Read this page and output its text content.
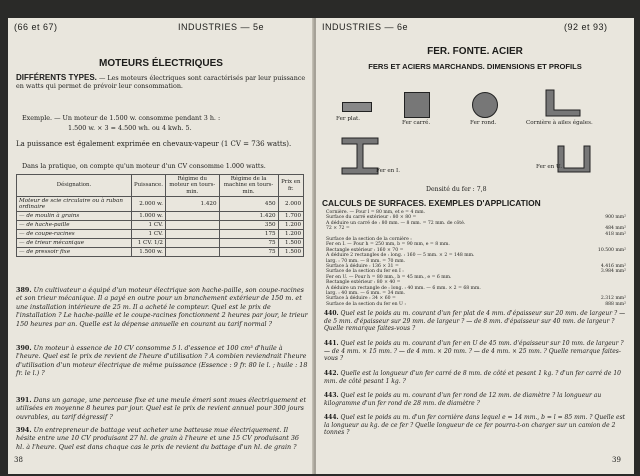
(66 et 67)	INDUSTRIES — 5e
MOTEURS ÉLECTRIQUES
DIFFÉRENTS TYPES. — Les moteurs électriques sont caractérisés par leur puissance en watts qui permet de prévoir leur consommation.
Exemple. — Un moteur de 1.500 w. consomme pendant 3 h. :
1.500 w. × 3 = 4.500 wh. ou 4 kwh. 5.
La puissance est également exprimée en chevaux-vapeur (1 CV = 736 watts).
Dans la pratique, on compte qu'un moteur d'un CV consomme 1.000 watts.
Désignation.	Puissance.	Régime du moteur en tours-min.	Régime de la machine en tours-min.	Prix en fr.
Moteur de scie circulaire ou à ruban ordinaire	2.000 w.	1.420	450	2.000
— de moulin à grains	1.000 w.		1.420	1.700
— de hache-paille	1 CV.		350	1.200
— de coupe-racines	1 CV.		175	1.200
— de trieur mécanique	1 CV. 1/2		75	1.500
— de pressoir fixe	1.500 w.		75	1.500
389. Un cultivateur a équipé d'un moteur électrique son hache-paille, son coupe-racines et son trieur mécanique. Il a payé en outre pour un branchement extérieur de 150 m. et une installation intérieure de 25 m. Il a acheté le compteur. Quel est le prix de l'installation ? Le hache-paille et le coupe-racines fonctionnent 2 heures par jour, le trieur 150 heures par an. Quelle est la dépense annuelle en courant au tarif normal ?
390. Un moteur à essence de 10 CV consomme 5 l. d'essence et 100 cm³ d'huile à l'heure. Quel est le prix de revient de l'heure d'utilisation ? A combien reviendrait l'heure d'utilisation d'un moteur électrique de même puissance (Essence : 9 fr. 80 le l. ; huile : 18 fr. le l.) ?
391. Dans un garage, une perceuse fixe et une meule émeri sont mues électriquement et utilisées en moyenne 8 heures par jour. Quel est le prix de revient annuel pour 300 jours ouvrables, au tarif dégressif ?
394. Un entrepreneur de battage veut acheter une batteuse mue électriquement. Il hésite entre une 10 CV produisant 27 hl. de grain à l'heure et une 15 CV produisant 36 hl. à l'heure. Quel est dans chaque cas le prix de revient du battage d'un hl. de grain ?
38
INDUSTRIES — 6e	(92 et 93)
FER. FONTE. ACIER
FERS ET ACIERS MARCHANDS. DIMENSIONS ET PROFILS
Fer plat.
Fer carré.	Fer rond.	Cornière à ailes égales.
Fer en I.
Fer en U.
Densité du fer : 7,8
CALCULS DE SURFACES. EXEMPLES D'APPLICATION
Cornière. — Pour l = 80 mm, et e = 4 mm.
Surface du carré extérieur : 80 × 80 =	900 mm²
A déduire un carré de : 80 mm. — 8 mm. = 72 mm. de côté.
72 × 72 =	484 mm²
418 mm²
Surface de la section de la cornière :
Fer en I. — Pour h = 250 mm, b = 90 mm, e = 8 mm.
Rectangle extérieur : 160 × 70 =	10.500 mm²
A déduire 2 rectangles de : long. : 160 — 5 mm. × 2 = 148 mm.
larg. : 70 mm. — 8 mm. = 70 mm.
Surface à déduire : 136 × 31 =	4.416 mm²
Surface de la section du fer en I :	3.984 mm²
Fer en U. — Pour h = 80 mm., b = 45 mm., e = 6 mm.
Rectangle extérieur : 80 × 40 =
A déduire un rectangle de : long. : 40 mm. — 6 mm. × 2 = 68 mm.
larg. : 40 mm. — 6 mm. = 34 mm.
Surface à déduire : 34 × 60 =	2.312 mm²
Surface de la section du fer en U :	888 mm²
440. Quel est le poids au m. courant d'un fer plat de 4 mm. d'épaisseur sur 20 mm. de largeur ? — de 5 mm. d'épaisseur sur 29 mm. de largeur ? — de 8 mm. d'épaisseur sur 40 mm. de largeur ? Quelle remarque faites-vous ?
441. Quel est le poids au m. courant d'un fer en U de 45 mm. d'épaisseur sur 10 mm. de largeur ? — de 4 mm. × 15 mm. ? — de 4 mm. × 20 mm. ? — de 4 mm. × 25 mm. ? Quelle remarque faites-vous ?
442. Quelle est la longueur d'un fer carré de 8 mm. de côté et pesant 1 kg. ? d'un fer carré de 10 mm. de côté pesant 1 kg. ?
443. Quel est le poids au m. courant d'un fer rond de 12 mm. de diamètre ? la longueur au kilogramme d'un fer rond de 28 mm. de diamètre ?
444. Quel est le poids au m. d'un fer cornière dans lequel e = 14 mm., b = l = 85 mm. ? Quelle est la longueur au kg. de ce fer ? Quelle longueur de ce fer pourra-t-on charger sur un camion de 2 tonnes ?
39
